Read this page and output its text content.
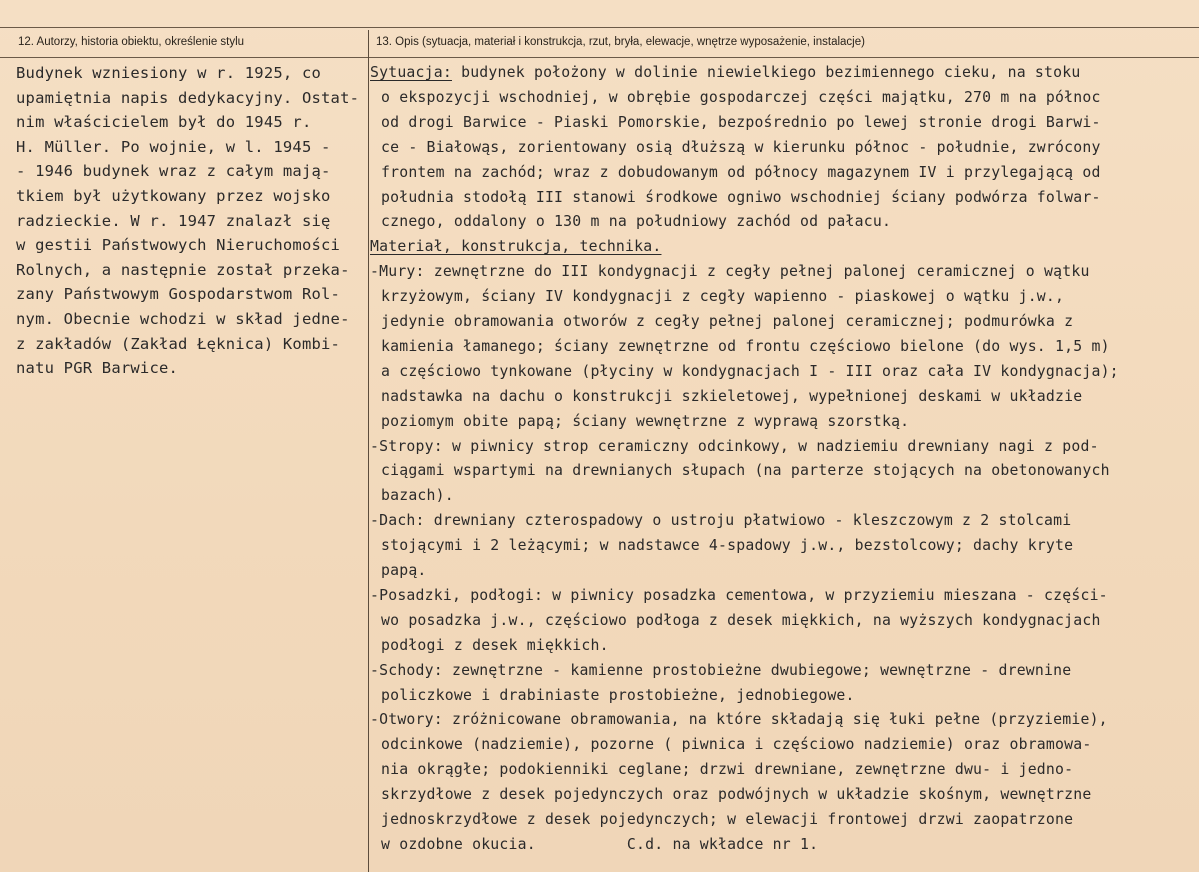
12. Autorzy, historia obiektu, określenie stylu	13. Opis (sytuacja, materiał i konstrukcja, rzut, bryła, elewacje, wnętrze wyposażenie, instalacje)
Budynek wzniesiony w r. 1925, co
upamiętnia napis dedykacyjny. Ostat-
nim właścicielem był do 1945 r.
H. Müller. Po wojnie, w l. 1945 -
- 1946 budynek wraz z całym mają-
tkiem był użytkowany przez wojsko
radzieckie. W r. 1947 znalazł się
w gestii Państwowych Nieruchomości
Rolnych, a następnie został przeka-
zany Państwowym Gospodarstwom Rol-
nym. Obecnie wchodzi w skład jedne-
z zakładów (Zakład Łęknica) Kombi-
natu PGR Barwice.
Sytuacja: budynek położony w dolinie niewielkiego bezimiennego cieku, na stoku
o ekspozycji wschodniej, w obrębie gospodarczej części majątku, 270 m na północ
od drogi Barwice - Piaski Pomorskie, bezpośrednio po lewej stronie drogi Barwi-
ce - Białowąs, zorientowany osią dłuższą w kierunku północ - południe, zwrócony
frontem na zachód; wraz z dobudowanym od północy magazynem IV i przylegającą od
południa stodołą III stanowi środkowe ogniwo wschodniej ściany podwórza folwar-
cznego, oddalony o 130 m na południowy zachód od pałacu.
Materiał, konstrukcja, technika.
-Mury: zewnętrzne do III kondygnacji z cegły pełnej palonej ceramicznej o wątku
krzyżowym, ściany IV kondygnacji z cegły wapienno - piaskowej o wątku j.w.,
jedynie obramowania otworów z cegły pełnej palonej ceramicznej; podmurówka z
kamienia łamanego; ściany zewnętrzne od frontu częściowo bielone (do wys. 1,5 m)
a częściowo tynkowane (płyciny w kondygnacjach I - III oraz cała IV kondygnacja);
nadstawka na dachu o konstrukcji szkieletowej, wypełnionej deskami w układzie
poziomym obite papą; ściany wewnętrzne z wyprawą szorstką.
-Stropy: w piwnicy strop ceramiczny odcinkowy, w nadziemiu drewniany nagi z pod-
ciągami wspartymi na drewnianych słupach (na parterze stojących na obetonowanych
bazach).
-Dach: drewniany czterospadowy o ustroju płatwiowo - kleszczowym z 2 stolcami
stojącymi i 2 leżącymi; w nadstawce 4-spadowy j.w., bezstolcowy; dachy kryte
papą.
-Posadzki, podłogi: w piwnicy posadzka cementowa, w przyziemiu mieszana - części-
wo posadzka j.w., częściowo podłoga z desek miękkich, na wyższych kondygnacjach
podłogi z desek miękkich.
-Schody: zewnętrzne - kamienne prostobieżne dwubiegowe; wewnętrzne - drewnine
policzkowe i drabiniaste prostobieżne, jednobiegowe.
-Otwory: zróżnicowane obramowania, na które składają się łuki pełne (przyziemie),
odcinkowe (nadziemie), pozorne ( piwnica i częściowo nadziemie) oraz obramowa-
nia okrągłe; podokienniki ceglane; drzwi drewniane, zewnętrzne dwu- i jedno-
skrzydłowe z desek pojedynczych oraz podwójnych w układzie skośnym, wewnętrzne
jednoskrzydłowe z desek pojedynczych; w elewacji frontowej drzwi zaopatrzone
w ozdobne okucia.          C.d. na wkładce nr 1.
